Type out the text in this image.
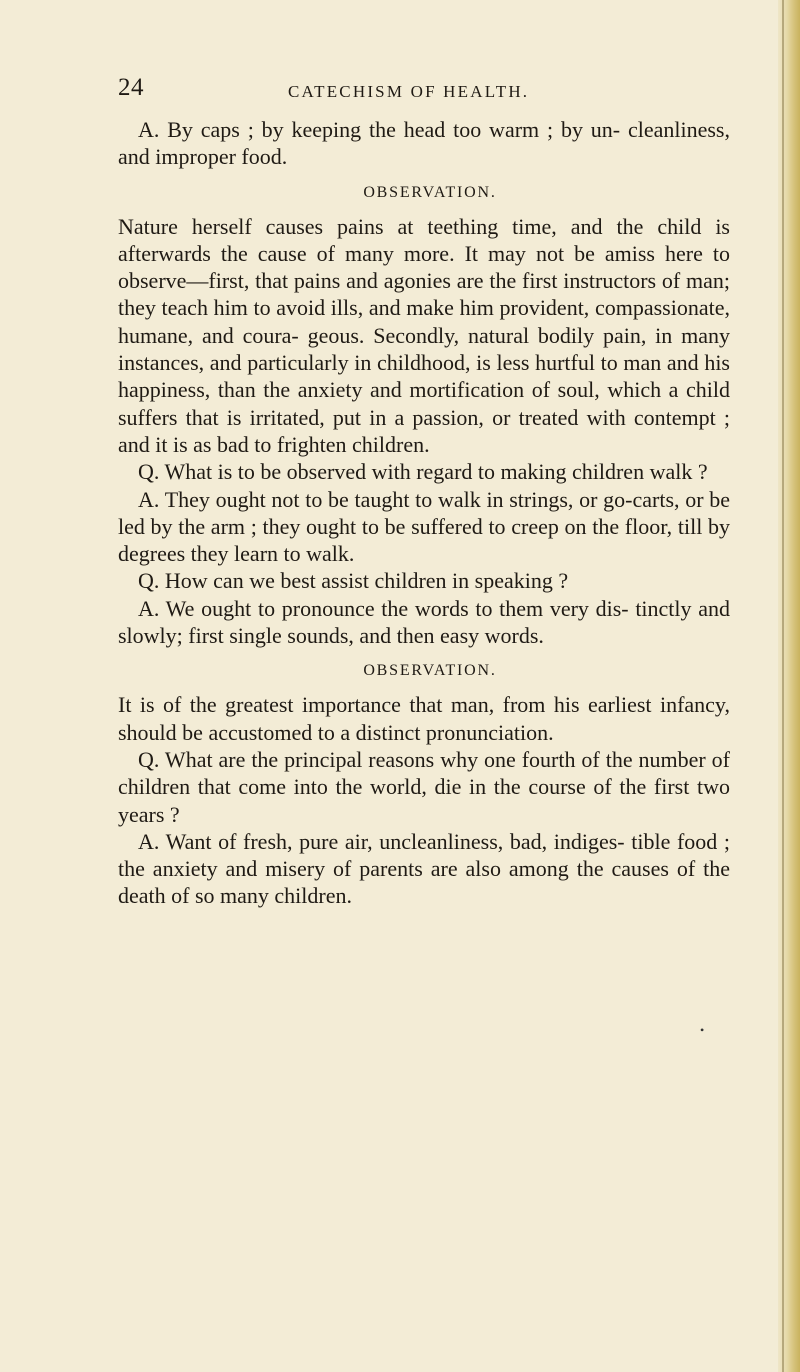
24	CATECHISM OF HEALTH.

A. By caps ; by keeping the head too warm ; by un- cleanliness, and improper food.

OBSERVATION.

Nature herself causes pains at teething time, and the child is afterwards the cause of many more. It may not be amiss here to observe—first, that pains and agonies are the first instructors of man; they teach him to avoid ills, and make him provident, compassionate, humane, and coura- geous. Secondly, natural bodily pain, in many instances, and particularly in childhood, is less hurtful to man and his happiness, than the anxiety and mortification of soul, which a child suffers that is irritated, put in a passion, or treated with contempt ; and it is as bad to frighten children.

Q. What is to be observed with regard to making children walk ?

A. They ought not to be taught to walk in strings, or go-carts, or be led by the arm ; they ought to be suffered to creep on the floor, till by degrees they learn to walk.

Q. How can we best assist children in speaking ?

A. We ought to pronounce the words to them very dis- tinctly and slowly; first single sounds, and then easy words.

OBSERVATION.

It is of the greatest importance that man, from his earliest infancy, should be accustomed to a distinct pronunciation.

Q. What are the principal reasons why one fourth of the number of children that come into the world, die in the course of the first two years ?

A. Want of fresh, pure air, uncleanliness, bad, indiges- tible food ; the anxiety and misery of parents are also among the causes of the death of so many children.

•
